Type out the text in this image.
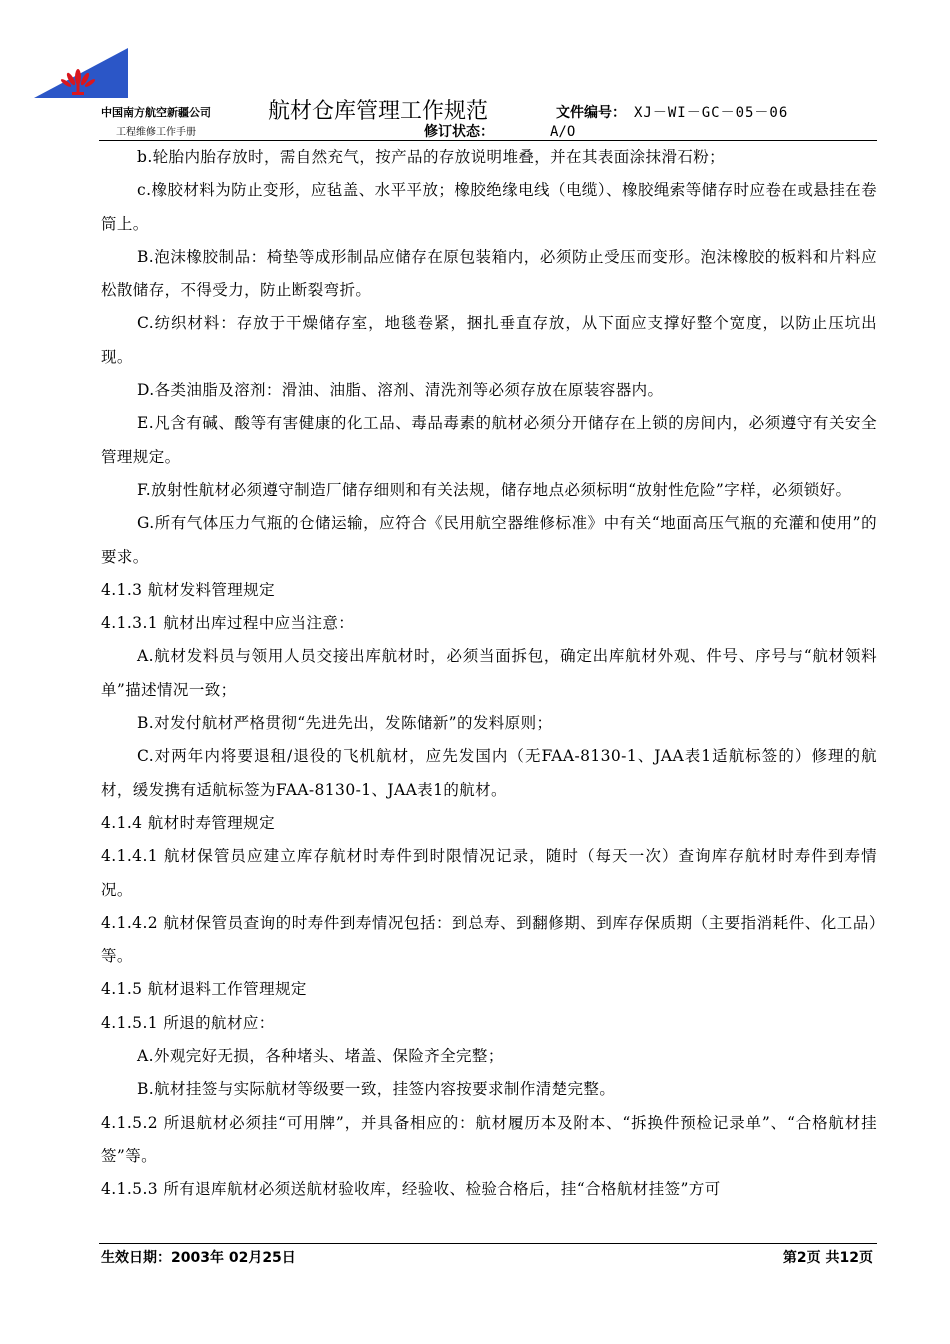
中国南方航空新疆公司
工程维修工作手册
航材仓库管理工作规范	文件编号： XJ－WI－GC－05－06
修订状态：	A/O

b.轮胎内胎存放时，需自然充气，按产品的存放说明堆叠，并在其表面涂抹滑石粉；

c.橡胶材料为防止变形，应毡盖、水平平放；橡胶绝缘电线（电缆）、橡胶绳索等储存时应卷在或悬挂在卷筒上。

B.泡沫橡胶制品：椅垫等成形制品应储存在原包装箱内，必须防止受压而变形。泡沫橡胶的板料和片料应松散储存，不得受力，防止断裂弯折。

C.纺织材料：存放于干燥储存室，地毯卷紧，捆扎垂直存放，从下面应支撑好整个宽度，以防止压坑出现。

D.各类油脂及溶剂：滑油、油脂、溶剂、清洗剂等必须存放在原装容器内。

E.凡含有碱、酸等有害健康的化工品、毒品毒素的航材必须分开储存在上锁的房间内，必须遵守有关安全管理规定。

F.放射性航材必须遵守制造厂储存细则和有关法规，储存地点必须标明“放射性危险”字样，必须锁好。

G.所有气体压力气瓶的仓储运输，应符合《民用航空器维修标准》中有关“地面高压气瓶的充灌和使用”的要求。

4.1.3 航材发料管理规定

4.1.3.1 航材出库过程中应当注意：

A.航材发料员与领用人员交接出库航材时，必须当面拆包，确定出库航材外观、件号、序号与“航材领料单”描述情况一致；

B.对发付航材严格贯彻“先进先出，发陈储新”的发料原则；

C.对两年内将要退租/退役的飞机航材，应先发国内（无FAA-8130-1、JAA表1适航标签的）修理的航材，缓发携有适航标签为FAA-8130-1、JAA表1的航材。

4.1.4 航材时寿管理规定

4.1.4.1 航材保管员应建立库存航材时寿件到时限情况记录，随时（每天一次）查询库存航材时寿件到寿情况。

4.1.4.2 航材保管员查询的时寿件到寿情况包括：到总寿、到翻修期、到库存保质期（主要指消耗件、化工品）等。

4.1.5 航材退料工作管理规定

4.1.5.1 所退的航材应：

A.外观完好无损，各种堵头、堵盖、保险齐全完整；

B.航材挂签与实际航材等级要一致，挂签内容按要求制作清楚完整。

4.1.5.2 所退航材必须挂“可用牌”，并具备相应的：航材履历本及附本、“拆换件预检记录单”、“合格航材挂签”等。

4.1.5.3 所有退库航材必须送航材验收库，经验收、检验合格后，挂“合格航材挂签”方可

生效日期：2003年 02月25日	第2页 共12页
